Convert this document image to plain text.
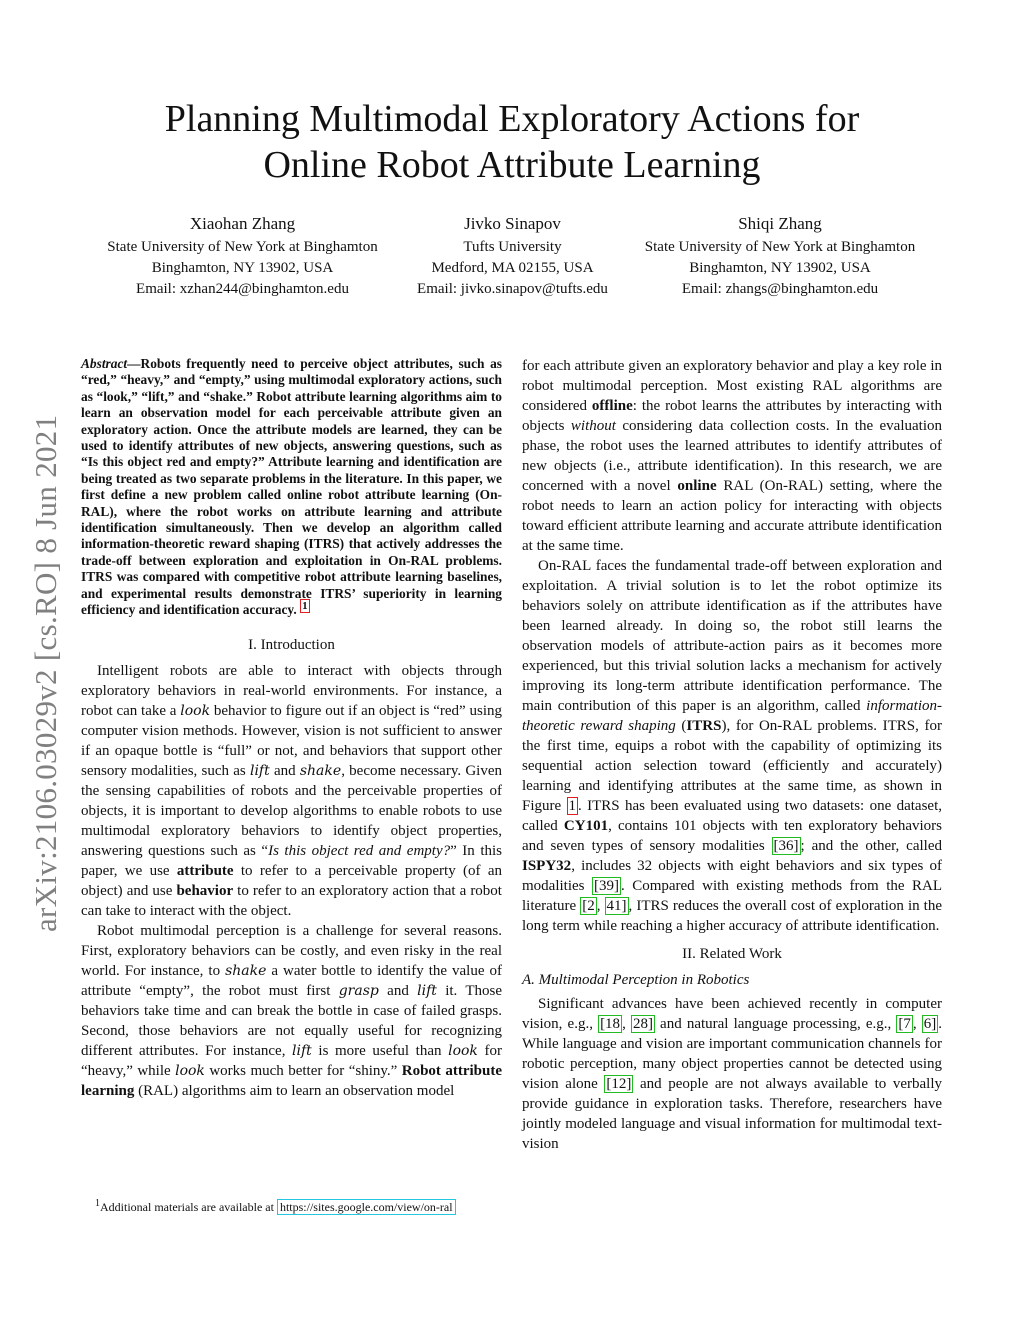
Planning Multimodal Exploratory Actions for
Online Robot Attribute Learning
Xiaohan Zhang
State University of New York at Binghamton
Binghamton, NY 13902, USA
Email: xzhan244@binghamton.edu
Jivko Sinapov
Tufts University
Medford, MA 02155, USA
Email: jivko.sinapov@tufts.edu
Shiqi Zhang
State University of New York at Binghamton
Binghamton, NY 13902, USA
Email: zhangs@binghamton.edu
arXiv:2106.03029v2 [cs.RO] 8 Jun 2021
Abstract—Robots frequently need to perceive object attributes, such as “red,” “heavy,” and “empty,” using multimodal exploratory actions, such as “look,” “lift,” and “shake.” Robot attribute learning algorithms aim to learn an observation model for each perceivable attribute given an exploratory action. Once the attribute models are learned, they can be used to identify attributes of new objects, answering questions, such as “Is this object red and empty?” Attribute learning and identification are being treated as two separate problems in the literature. In this paper, we first define a new problem called online robot attribute learning (On-RAL), where the robot works on attribute learning and attribute identification simultaneously. Then we develop an algorithm called information-theoretic reward shaping (ITRS) that actively addresses the trade-off between exploration and exploitation in On-RAL problems. ITRS was compared with competitive robot attribute learning baselines, and experimental results demonstrate ITRS’ superiority in learning efficiency and identification accuracy. $^1$
I. Introduction

Intelligent robots are able to interact with objects through exploratory behaviors in real-world environments. For instance, a robot can take a look behavior to figure out if an object is “red” using computer vision methods. However, vision is not sufficient to answer if an opaque bottle is “full” or not, and behaviors that support other sensory modalities, such as lift and shake, become necessary. Given the sensing capabilities of robots and the perceivable properties of objects, it is important to develop algorithms to enable robots to use multimodal exploratory behaviors to identify object properties, answering questions such as “Is this object red and empty?” In this paper, we use attribute to refer to a perceivable property (of an object) and use behavior to refer to an exploratory action that a robot can take to interact with the object.

Robot multimodal perception is a challenge for several reasons. First, exploratory behaviors can be costly, and even risky in the real world. For instance, to shake a water bottle to identify the value of attribute “empty”, the robot must first grasp and lift it. Those behaviors take time and can break the bottle in case of failed grasps. Second, those behaviors are not equally useful for recognizing different attributes. For instance, lift is more useful than look for “heavy,” while look works much better for “shiny.” Robot attribute learning (RAL) algorithms aim to learn an observation model

$^1$Additional materials are available at https://sites.google.com/view/on-ral

for each attribute given an exploratory behavior and play a key role in robot multimodal perception. Most existing RAL algorithms are considered offline: the robot learns the attributes by interacting with objects without considering data collection costs. In the evaluation phase, the robot uses the learned attributes to identify attributes of new objects (i.e., attribute identification). In this research, we are concerned with a novel online RAL (On-RAL) setting, where the robot needs to learn an action policy for interacting with objects toward efficient attribute learning and accurate attribute identification at the same time.

On-RAL faces the fundamental trade-off between exploration and exploitation. A trivial solution is to let the robot optimize its behaviors solely on attribute identification as if the attributes have been learned already. In doing so, the robot still learns the observation models of attribute-action pairs as it becomes more experienced, but this trivial solution lacks a mechanism for actively improving its long-term attribute identification performance. The main contribution of this paper is an algorithm, called information-theoretic reward shaping (ITRS), for On-RAL problems. ITRS, for the first time, equips a robot with the capability of optimizing its sequential action selection toward (efficiently and accurately) learning and identifying attributes at the same time, as shown in Figure 1 . ITRS has been evaluated using two datasets: one dataset, called CY101, contains 101 objects with ten exploratory behaviors and seven types of sensory modalities [36] ; and the other, called ISPY32, includes 32 objects with eight behaviors and six types of modalities [39] . Compared with existing methods from the RAL literature [2 , 41] , ITRS reduces the overall cost of exploration in the long term while reaching a higher accuracy of attribute identification.

II. Related Work
A. Multimodal Perception in Robotics

Significant advances have been achieved recently in computer vision, e.g., [18 , 28] and natural language processing, e.g., [7 , 6] . While language and vision are important communication channels for robotic perception, many object properties cannot be detected using vision alone [12] and people are not always available to verbally provide guidance in exploration tasks. Therefore, researchers have jointly modeled language and visual information for multimodal text-vision
